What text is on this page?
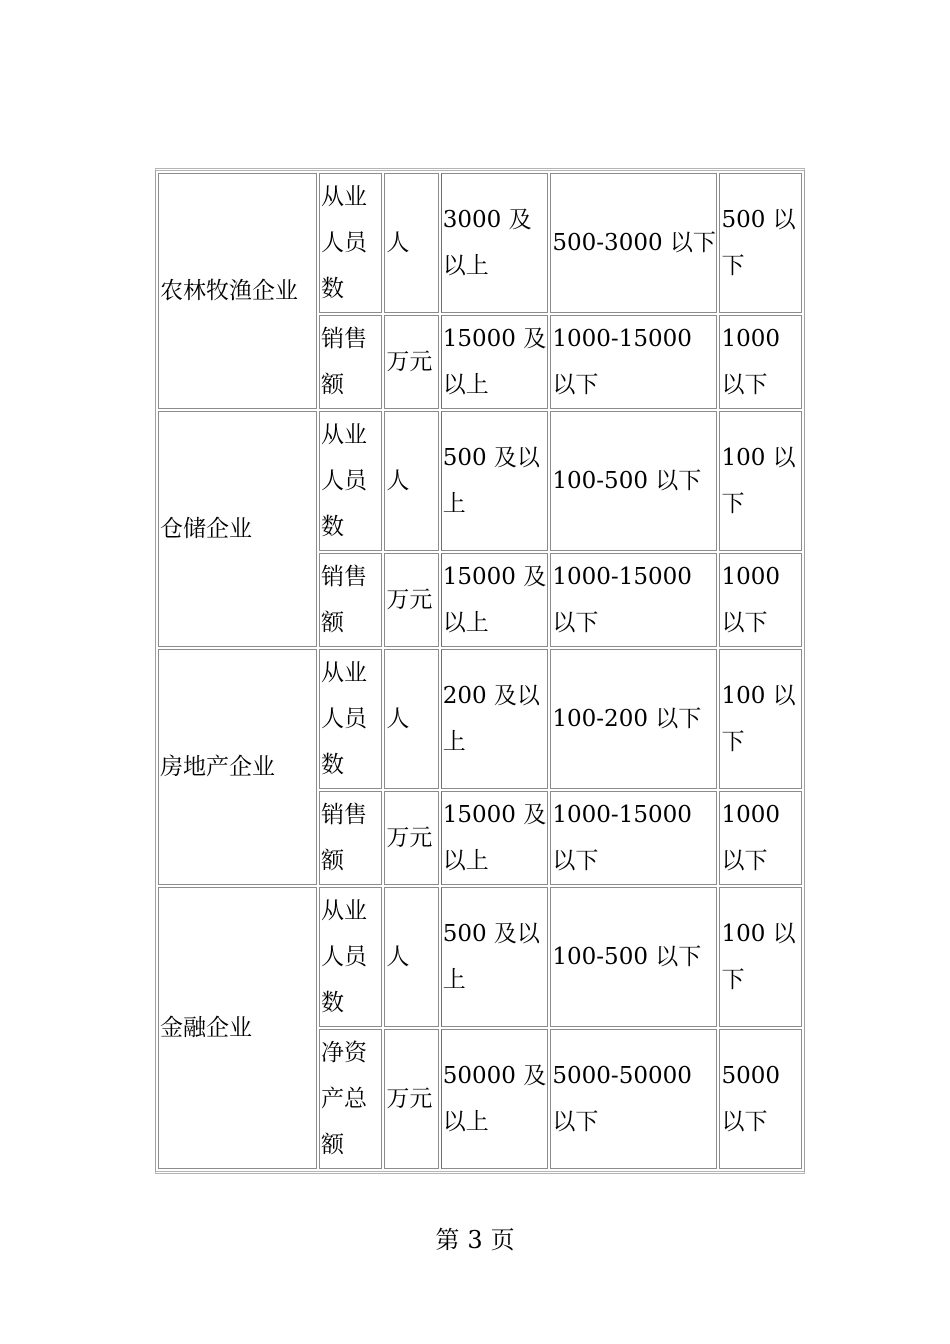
农林牧渔企业	从业人员数	人	3000 及以上	500-3000 以下	500 以下
	销售额	万元	15000 及以上	1000-15000 以下	1000 以下
仓储企业	从业人员数	人	500 及以上	100-500 以下	100 以下
	销售额	万元	15000 及以上	1000-15000 以下	1000 以下
房地产企业	从业人员数	人	200 及以上	100-200 以下	100 以下
	销售额	万元	15000 及以上	1000-15000 以下	1000 以下
金融企业	从业人员数	人	500 及以上	100-500 以下	100 以下
	净资产总额	万元	50000 及以上	5000-50000 以下	5000 以下
第 3 页
